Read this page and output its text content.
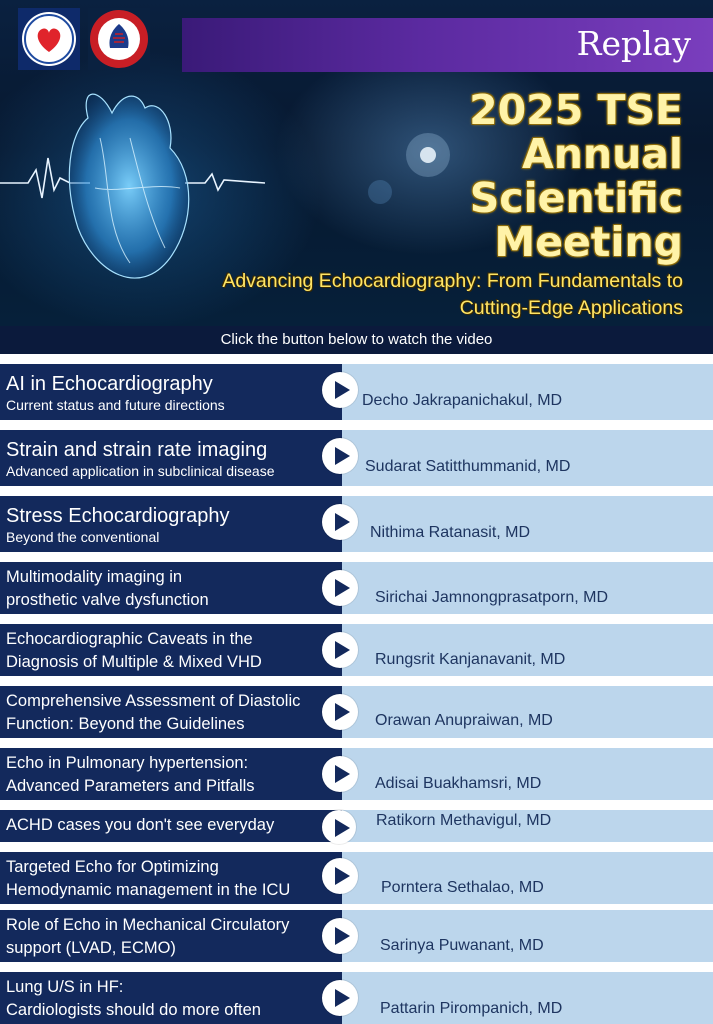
Replay
2025 TSE
Annual
Scientific
Meeting
Advancing Echocardiography: From Fundamentals to
Cutting-Edge Applications
Click the button below to watch the video
AI in Echocardiography
Current status and future directions	Decho Jakrapanichakul, MD
Strain and strain rate imaging
Advanced application in subclinical disease	Sudarat Satitthummanid, MD
Stress Echocardiography
Beyond the conventional	Nithima Ratanasit, MD
Multimodality imaging in
prosthetic valve dysfunction	Sirichai Jamnongprasatporn, MD
Echocardiographic Caveats in the
Diagnosis of Multiple & Mixed VHD	Rungsrit Kanjanavanit, MD
Comprehensive Assessment of Diastolic
Function: Beyond the Guidelines	Orawan Anupraiwan, MD
Echo in Pulmonary hypertension:
Advanced Parameters and Pitfalls	Adisai Buakhamsri, MD
ACHD cases you don't see everyday	Ratikorn Methavigul, MD
Targeted Echo for Optimizing
Hemodynamic management in the ICU	Porntera Sethalao, MD
Role of Echo in Mechanical Circulatory
support (LVAD, ECMO)	Sarinya Puwanant, MD
Lung U/S in HF:
Cardiologists should do more often	Pattarin Pirompanich, MD
